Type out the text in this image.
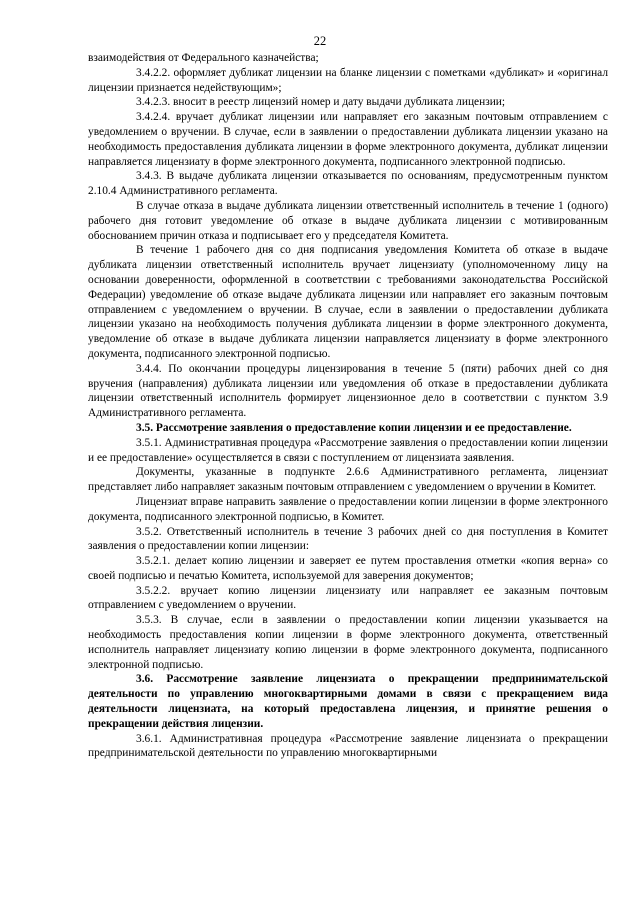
22

взаимодействия от Федерального казначейства;

3.4.2.2. оформляет дубликат лицензии на бланке лицензии с пометками «дубликат» и «оригинал лицензии признается недействующим»;

3.4.2.3. вносит в реестр лицензий номер и дату выдачи дубликата лицензии;

3.4.2.4. вручает дубликат лицензии или направляет его заказным почтовым отправлением с уведомлением о вручении. В случае, если в заявлении о предоставлении дубликата лицензии указано на необходимость предоставления дубликата лицензии в форме электронного документа, дубликат лицензии направляется лицензиату в форме электронного документа, подписанного электронной подписью.

3.4.3. В выдаче дубликата лицензии отказывается по основаниям, предусмотренным пунктом 2.10.4 Административного регламента.

В случае отказа в выдаче дубликата лицензии ответственный исполнитель в течение 1 (одного) рабочего дня готовит уведомление об отказе в выдаче дубликата лицензии с мотивированным обоснованием причин отказа и подписывает его у председателя Комитета.

В течение 1 рабочего дня со дня подписания уведомления Комитета об отказе в выдаче дубликата лицензии ответственный исполнитель вручает лицензиату (уполномоченному лицу на основании доверенности, оформленной в соответствии с требованиями законодательства Российской Федерации) уведомление об отказе выдаче дубликата лицензии или направляет его заказным почтовым отправлением с уведомлением о вручении. В случае, если в заявлении о предоставлении дубликата лицензии указано на необходимость получения дубликата лицензии в форме электронного документа, уведомление об отказе в выдаче дубликата лицензии направляется лицензиату в форме электронного документа, подписанного электронной подписью.

3.4.4. По окончании процедуры лицензирования в течение 5 (пяти) рабочих дней со дня вручения (направления) дубликата лицензии или уведомления об отказе в предоставлении дубликата лицензии ответственный исполнитель формирует лицензионное дело в соответствии с пунктом 3.9 Административного регламента.

3.5. Рассмотрение заявления о предоставление копии лицензии и ее предоставление.

3.5.1. Административная процедура «Рассмотрение заявления о предоставлении копии лицензии и ее предоставление» осуществляется в связи с поступлением от лицензиата заявления.

Документы, указанные в подпункте 2.6.6 Административного регламента, лицензиат представляет либо направляет заказным почтовым отправлением с уведомлением о вручении в Комитет.

Лицензиат вправе направить заявление о предоставлении копии лицензии в форме электронного документа, подписанного электронной подписью, в Комитет.

3.5.2. Ответственный исполнитель в течение 3 рабочих дней со дня поступления в Комитет заявления о предоставлении копии лицензии:

3.5.2.1. делает копию лицензии и заверяет ее путем проставления отметки «копия верна» со своей подписью и печатью Комитета, используемой для заверения документов;

3.5.2.2. вручает копию лицензии лицензиату или направляет ее заказным почтовым отправлением с уведомлением о вручении.

3.5.3. В случае, если в заявлении о предоставлении копии лицензии указывается на необходимость предоставления копии лицензии в форме электронного документа, ответственный исполнитель направляет лицензиату копию лицензии в форме электронного документа, подписанного электронной подписью.

3.6. Рассмотрение заявление лицензиата о прекращении предпринимательской деятельности по управлению многоквартирными домами в связи с прекращением вида деятельности лицензиата, на который предоставлена лицензия, и принятие решения о прекращении действия лицензии.

3.6.1. Административная процедура «Рассмотрение заявление лицензиата о прекращении предпринимательской деятельности по управлению многоквартирными
